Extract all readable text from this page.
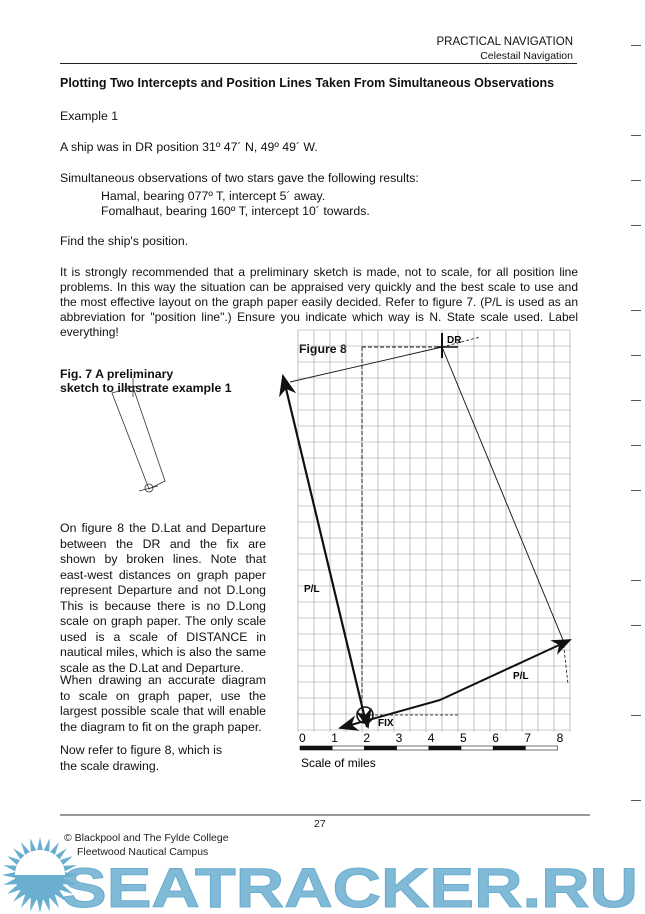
PRACTICAL NAVIGATION
Celestail Navigation
Plotting Two Intercepts and Position Lines Taken From Simultaneous Observations

Example 1

A ship was in DR position 31º 47´ N, 49º 49´ W.

Simultaneous observations of two stars gave the following results:

Hamal, bearing 077º T, intercept 5´ away.

Fomalhaut, bearing 160º T, intercept 10´ towards.

Find the ship's position.

It is strongly recommended that a preliminary sketch is made, not to scale, for all position line problems. In this way the situation can be appraised very quickly and the best scale to use and the most effective layout on the graph paper easily decided. Refer to figure 7. (P/L is used as an abbreviation for "position line".) Ensure you indicate which way is N. State scale used. Label everything!

Figure 8
Fig. 7 A preliminary
sketch to illustrate example 1

On figure 8 the D.Lat and Departure between the DR and the fix are shown by broken lines. Note that east-west distances on graph paper represent Departure and not D.Long This is because there is no D.Long scale on graph paper. The only scale used is a scale of DISTANCE in nautical miles, which is also the same scale as the D.Lat and Departure.

When drawing an accurate diagram to scale on graph paper, use the largest possible scale that will enable the diagram to fit on the graph paper.

Now refer to figure 8, which is

the scale drawing.

DR
FIX
P/L
P/L
0 1 2 3 4 5 6 7 8
Scale of miles
SEATRACKER.RU
27
© Blackpool and The Fylde College
Fleetwood Nautical Campus
